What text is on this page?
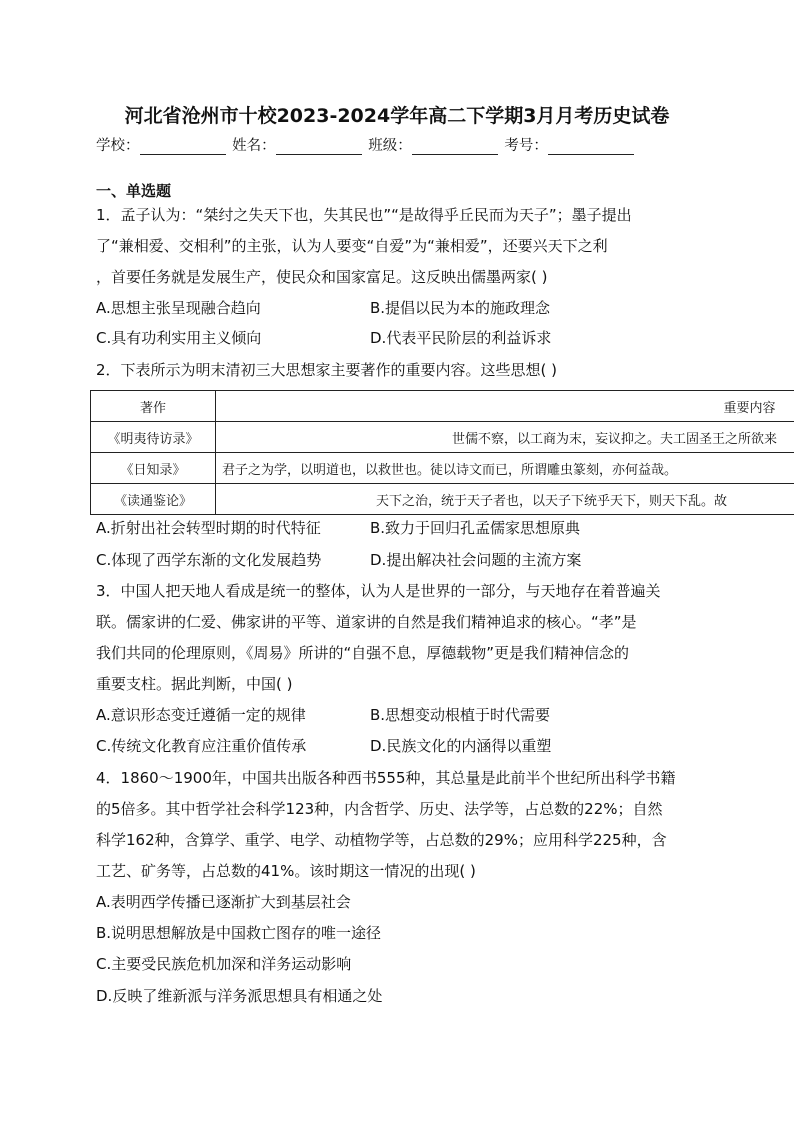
河北省沧州市十校2023-2024学年高二下学期3月月考历史试卷
学校：	姓名：	班级：	考号：
一、单选题
1．孟子认为：“桀纣之失天下也，失其民也”“是故得乎丘民而为天子”；墨子提出
了“兼相爱、交相利”的主张，认为人要变“自爱”为“兼相爱”，还要兴天下之利
，首要任务就是发展生产，使民众和国家富足。这反映出儒墨两家( )
A.思想主张呈现融合趋向	B.提倡以民为本的施政理念
C.具有功利实用主义倾向	D.代表平民阶层的利益诉求
2．下表所示为明末清初三大思想家主要著作的重要内容。这些思想( )
著作	重要内容
《明夷待访录》	世儒不察，以工商为末，妄议抑之。夫工固圣王之所欲来
《日知录》	君子之为学，以明道也，以救世也。徒以诗文而已，所谓雕虫篆刻，亦何益哉。
《读通鉴论》	天下之治，统于天子者也，以天子下统乎天下，则天下乱。故
A.折射出社会转型时期的时代特征	B.致力于回归孔孟儒家思想原典
C.体现了西学东渐的文化发展趋势	D.提出解决社会问题的主流方案
3．中国人把天地人看成是统一的整体，认为人是世界的一部分，与天地存在着普遍关
联。儒家讲的仁爱、佛家讲的平等、道家讲的自然是我们精神追求的核心。“孝”是
我们共同的伦理原则，《周易》所讲的“自强不息，厚德载物”更是我们精神信念的
重要支柱。据此判断，中国( )
A.意识形态变迁遵循一定的规律	B.思想变动根植于时代需要
C.传统文化教育应注重价值传承	D.民族文化的内涵得以重塑
4．1860～1900年，中国共出版各种西书555种，其总量是此前半个世纪所出科学书籍
的5倍多。其中哲学社会科学123种，内含哲学、历史、法学等，占总数的22%；自然
科学162种，含算学、重学、电学、动植物学等，占总数的29%；应用科学225种，含
工艺、矿务等，占总数的41%。该时期这一情况的出现( )
A.表明西学传播已逐渐扩大到基层社会
B.说明思想解放是中国救亡图存的唯一途径
C.主要受民族危机加深和洋务运动影响
D.反映了维新派与洋务派思想具有相通之处
